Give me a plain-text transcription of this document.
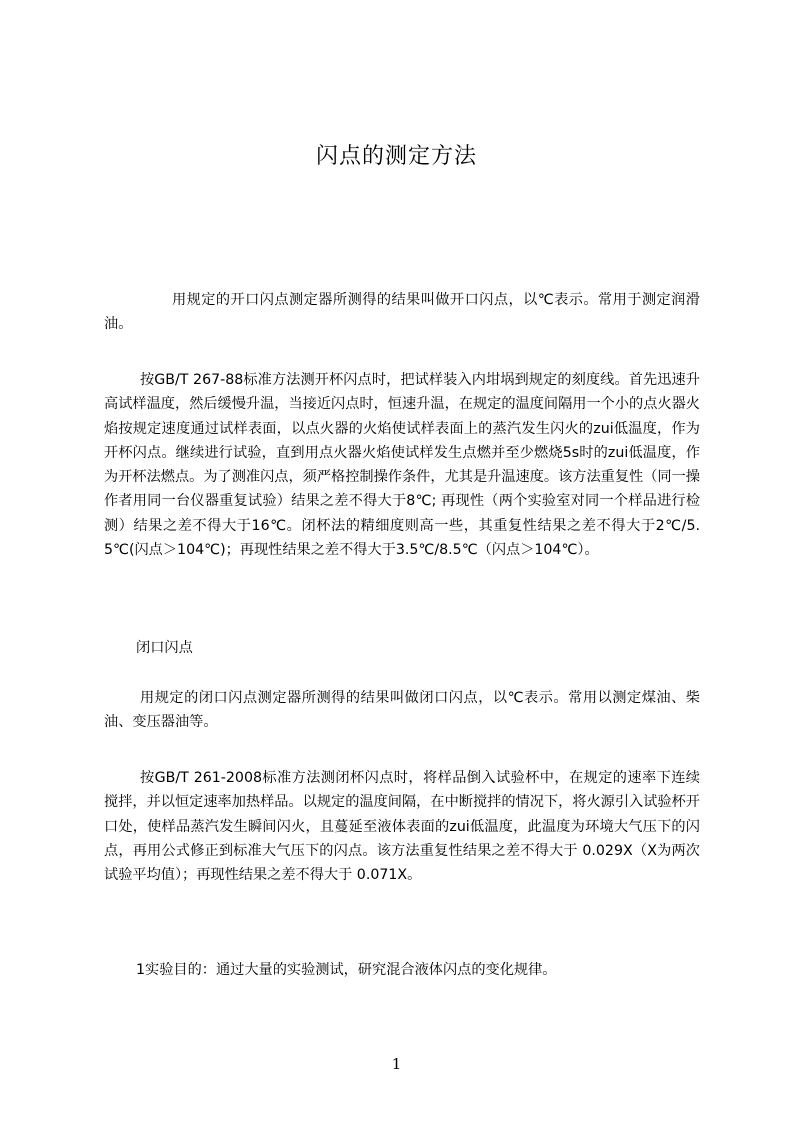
闪点的测定方法

用规定的开口闪点测定器所测得的结果叫做开口闪点，以℃表示。常用于测定润滑油。

按GB/T 267-88标准方法测开杯闪点时，把试样装入内坩埚到规定的刻度线。首先迅速升高试样温度，然后缓慢升温，当接近闪点时，恒速升温，在规定的温度间隔用一个小的点火器火焰按规定速度通过试样表面，以点火器的火焰使试样表面上的蒸汽发生闪火的zui低温度，作为开杯闪点。继续进行试验，直到用点火器火焰使试样发生点燃并至少燃烧5s时的zui低温度，作为开杯法燃点。为了测准闪点，须严格控制操作条件，尤其是升温速度。该方法重复性（同一操作者用同一台仪器重复试验）结果之差不得大于8℃; 再现性（两个实验室对同一个样品进行检测）结果之差不得大于16℃。闭杯法的精细度则高一些，其重复性结果之差不得大于2℃/5.5℃(闪点＞104℃)；再现性结果之差不得大于3.5℃/8.5℃（闪点＞104℃）。

闭口闪点

用规定的闭口闪点测定器所测得的结果叫做闭口闪点，以℃表示。常用以测定煤油、柴油、变压器油等。

按GB/T 261-2008标准方法测闭杯闪点时，将样品倒入试验杯中，在规定的速率下连续搅拌，并以恒定速率加热样品。以规定的温度间隔，在中断搅拌的情况下，将火源引入试验杯开口处，使样品蒸汽发生瞬间闪火，且蔓延至液体表面的zui低温度，此温度为环境大气压下的闪点，再用公式修正到标准大气压下的闪点。该方法重复性结果之差不得大于 0.029X（X为两次试验平均值）；再现性结果之差不得大于 0.071X。

1实验目的：通过大量的实验测试，研究混合液体闪点的变化规律。

1
